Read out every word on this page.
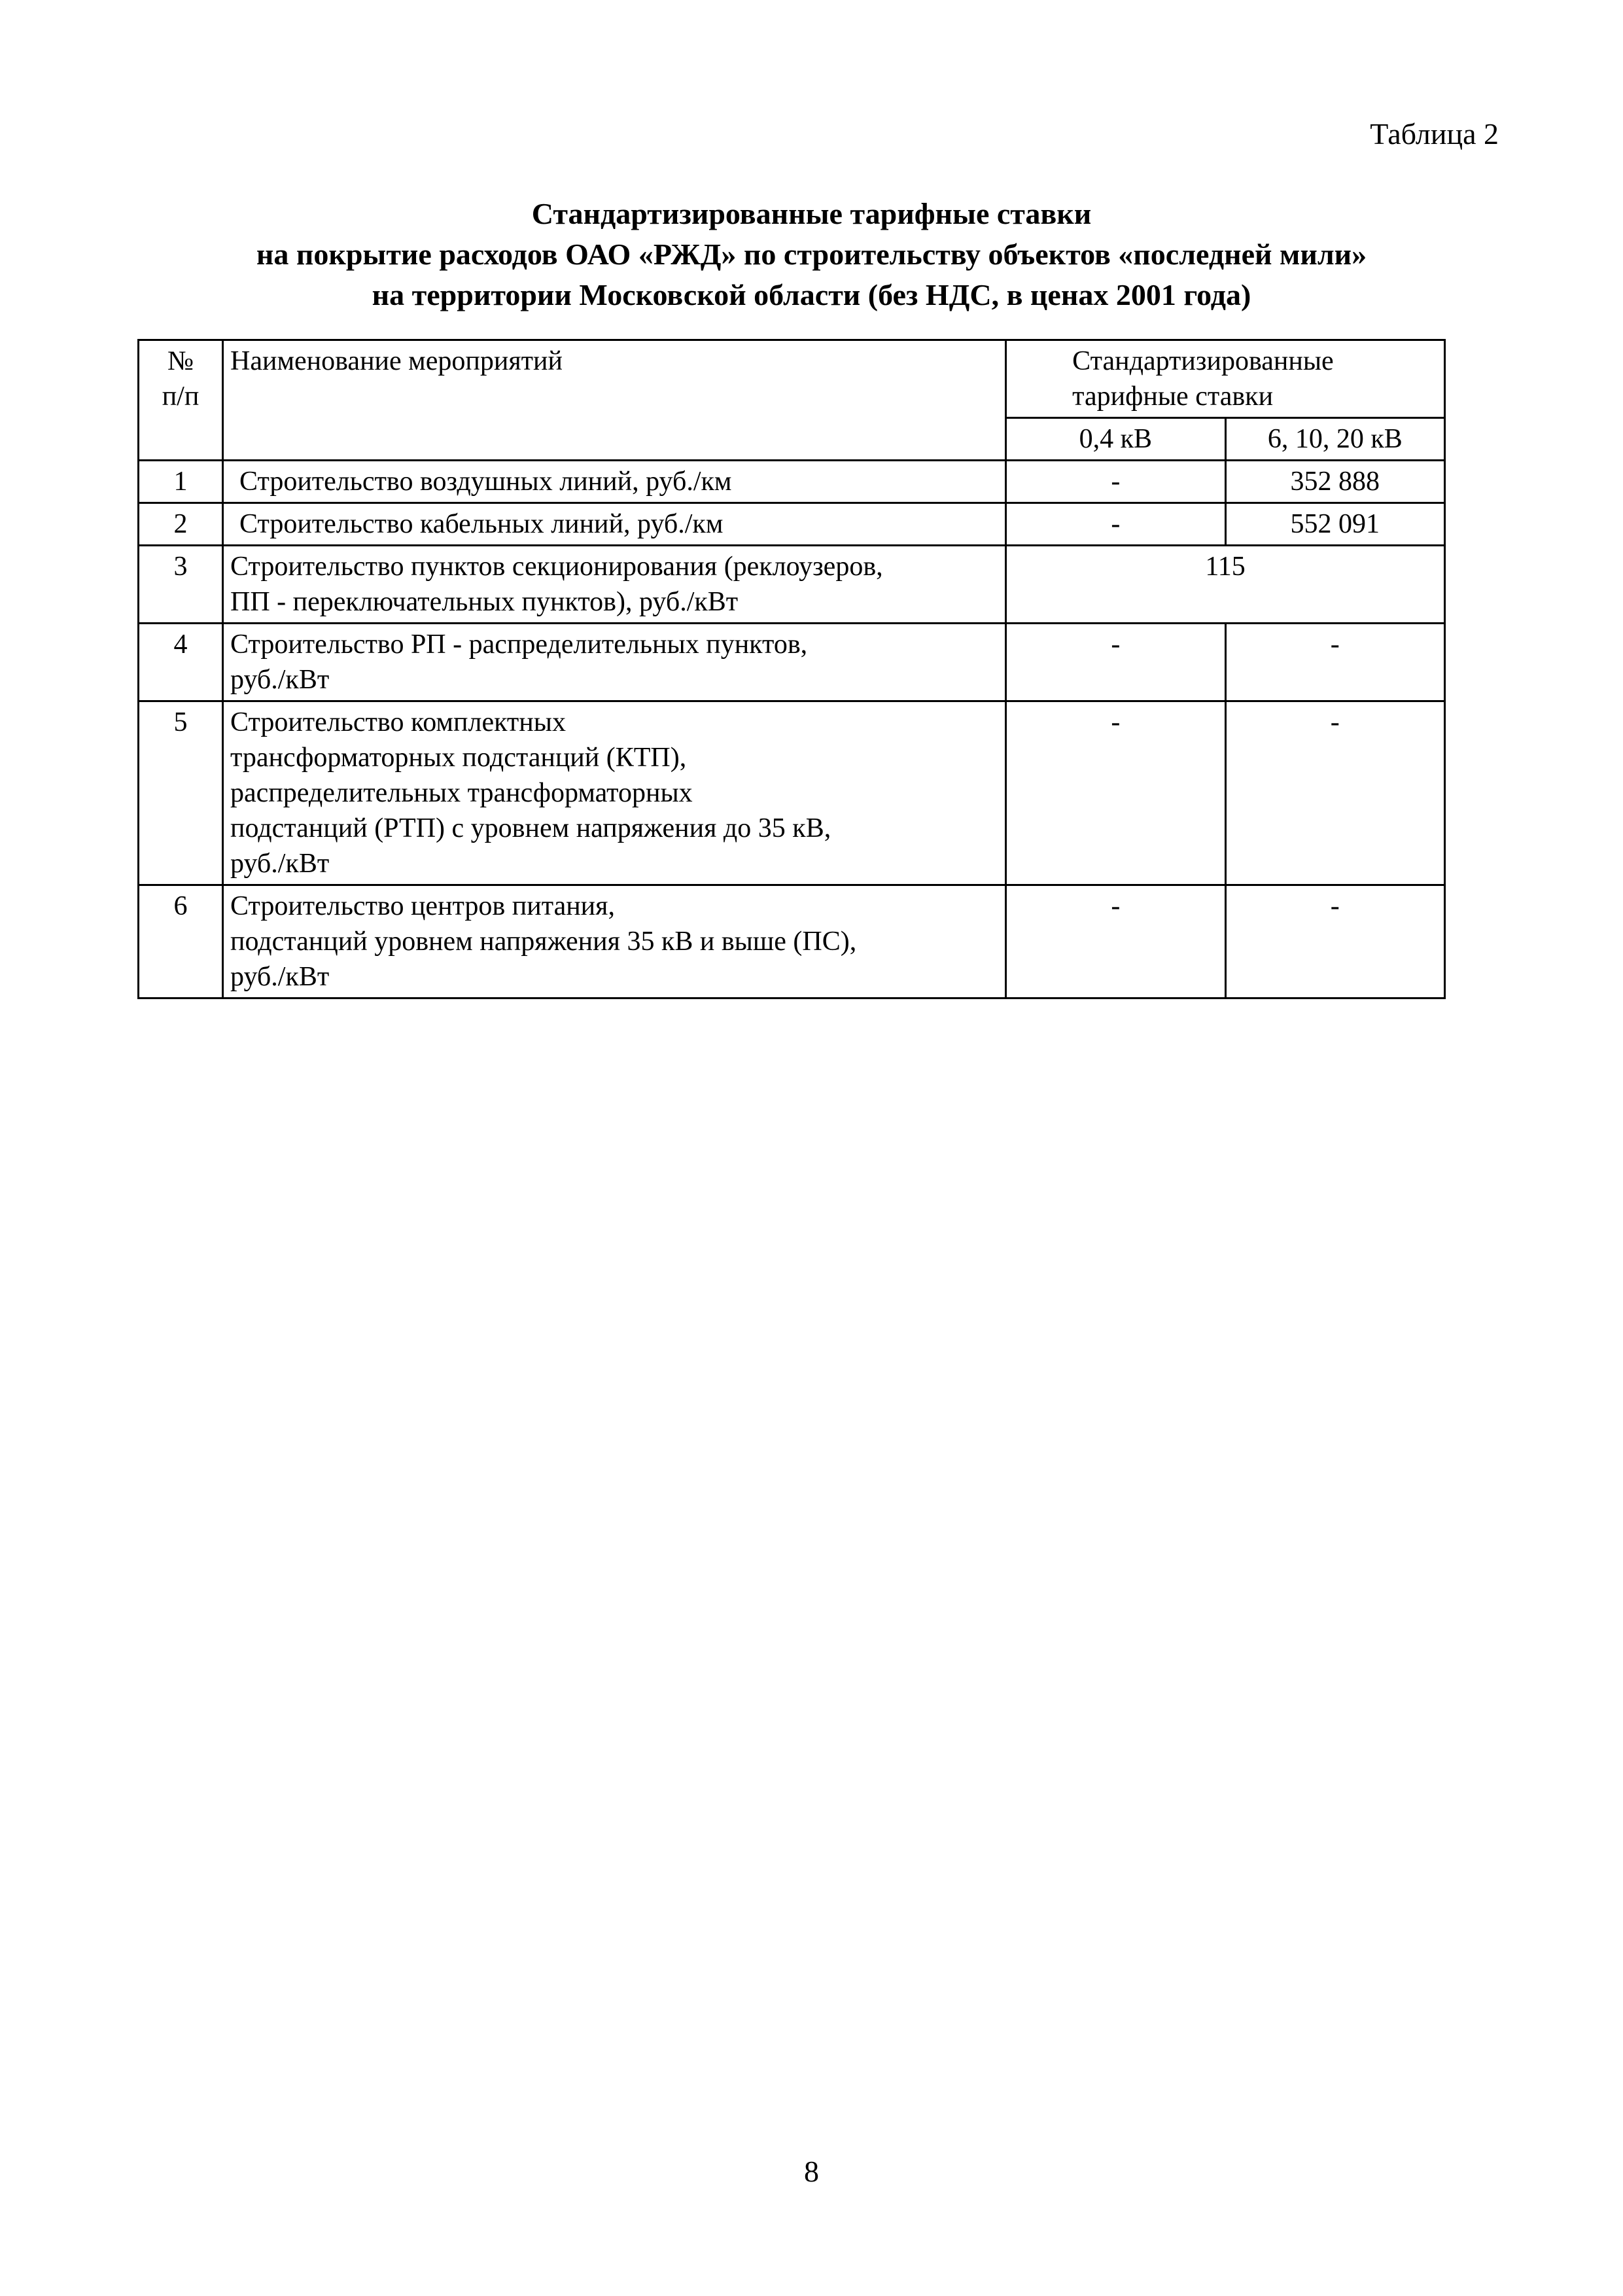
Таблица 2
Стандартизированные тарифные ставки
на покрытие расходов ОАО «РЖД» по строительству объектов «последней мили»
на территории Московской области (без НДС, в ценах 2001 года)
№
п/п	Наименование мероприятий	Стандартизированные
тарифные ставки	

		0,4 кВ	6, 10, 20 кВ
1	Строительство воздушных линий, руб./км	-	352 888
2	Строительство кабельных линий, руб./км	-	552 091
3	Строительство пунктов секционирования (реклоузеров,
ПП - переключательных пунктов), руб./кВт	115	
4	Строительство РП - распределительных пунктов,
руб./кВт	-	-
5	Строительство комплектных
трансформаторных подстанций (КТП),
распределительных трансформаторных
подстанций (РТП) с уровнем напряжения до 35 кВ,
руб./кВт	-	-
6	Строительство центров питания,
подстанций уровнем напряжения 35 кВ и выше (ПС),
руб./кВт	-	-
8
